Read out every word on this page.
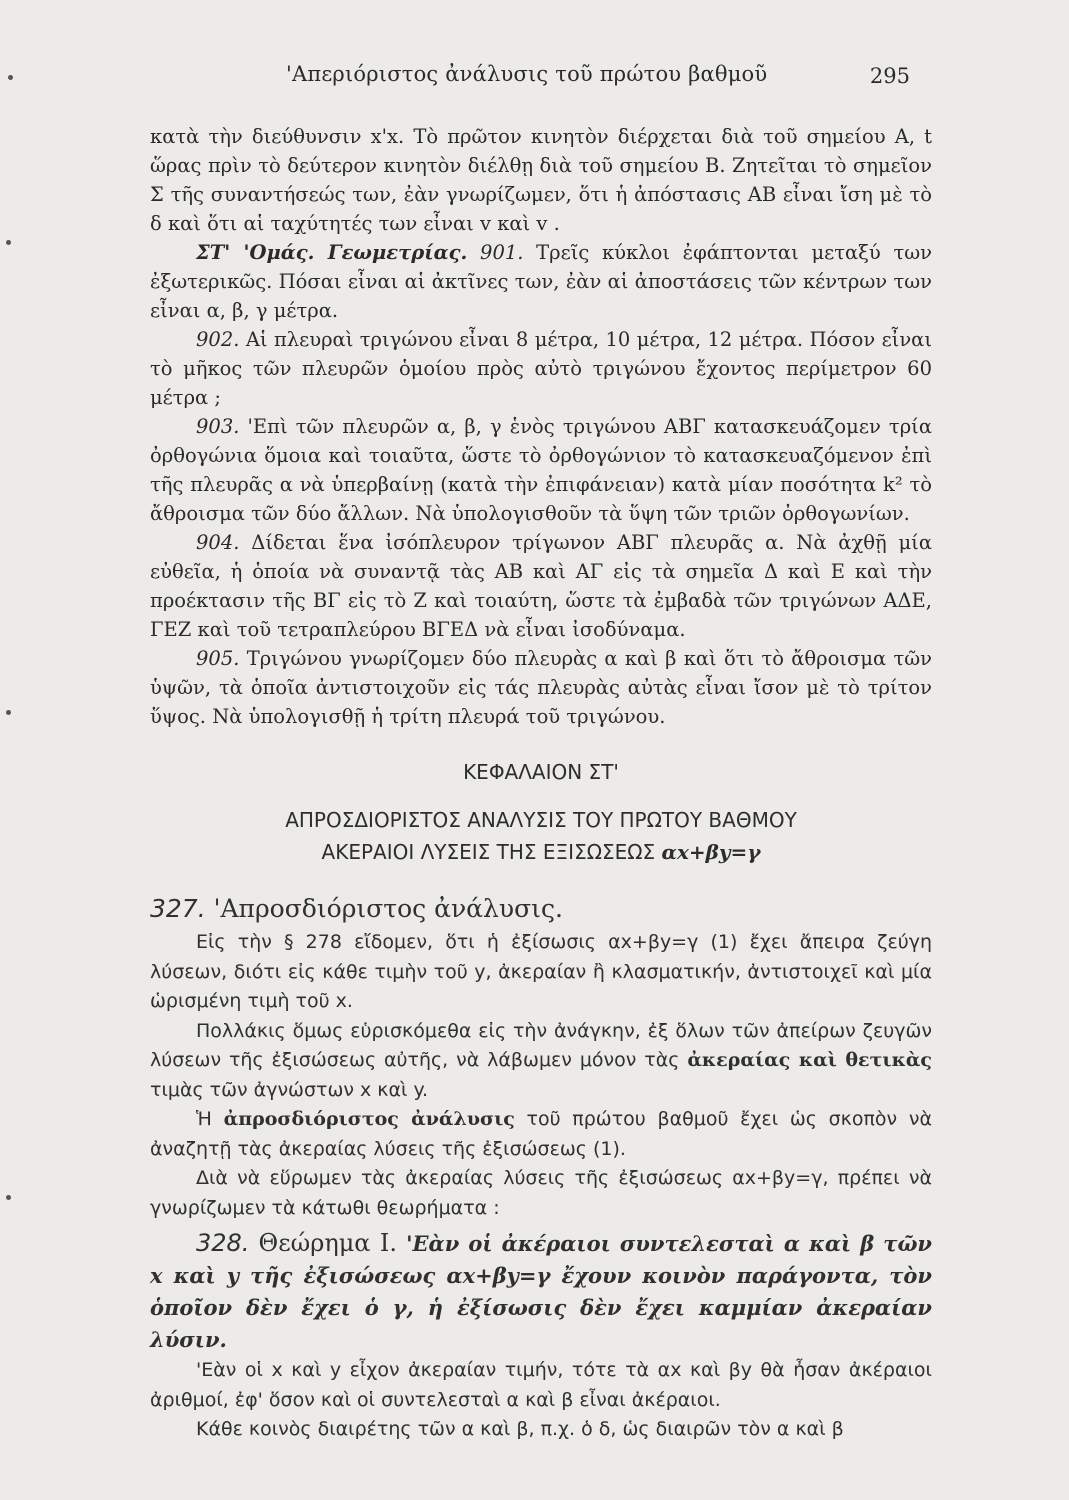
'Απεριόριστος ἀνάλυσις τοῦ πρώτου βαθμοῦ	295

κατὰ τὴν διεύθυνσιν x'x. Τὸ πρῶτον κινητὸν διέρχεται διὰ τοῦ σημείου Α, t ὥρας πρὶν τὸ δεύτερον κινητὸν διέλθῃ διὰ τοῦ σημείου Β. Ζητεῖται τὸ σημεῖον Σ τῆς συναντήσεώς των, ἐὰν γνωρίζωμεν, ὅτι ἡ ἀπόστασις ΑΒ εἶναι ἴση μὲ τὸ δ καὶ ὅτι αἱ ταχύτητές των εἶναι v καὶ v .

ΣΤ' 'Ομάς. Γεωμετρίας. 901. Τρεῖς κύκλοι ἐφάπτονται μεταξύ των ἐξωτερικῶς. Πόσαι εἶναι αἱ ἀκτῖνες των, ἐὰν αἱ ἀποστάσεις τῶν κέντρων των εἶναι α, β, γ μέτρα.

902. Αἱ πλευραὶ τριγώνου εἶναι 8 μέτρα, 10 μέτρα, 12 μέτρα. Πόσον εἶναι τὸ μῆκος τῶν πλευρῶν ὁμοίου πρὸς αὐτὸ τριγώνου ἔχοντος περίμετρον 60 μέτρα ;

903. 'Επὶ τῶν πλευρῶν α, β, γ ἑνὸς τριγώνου ΑΒΓ κατασκευάζομεν τρία ὀρθογώνια ὅμοια καὶ τοιαῦτα, ὥστε τὸ ὀρθογώνιον τὸ κατασκευαζόμενον ἐπὶ τῆς πλευρᾶς α νὰ ὑπερβαίνῃ (κατὰ τὴν ἐπιφάνειαν) κατὰ μίαν ποσότητα k² τὸ ἄθροισμα τῶν δύο ἄλλων. Νὰ ὑπολογισθοῦν τὰ ὕψη τῶν τριῶν ὀρθογωνίων.

904. Δίδεται ἕνα ἰσόπλευρον τρίγωνον ΑΒΓ πλευρᾶς α. Νὰ ἀχθῇ μία εὐθεῖα, ἡ ὁποία νὰ συναντᾷ τὰς ΑΒ καὶ ΑΓ εἰς τὰ σημεῖα Δ καὶ Ε καὶ τὴν προέκτασιν τῆς ΒΓ εἰς τὸ Ζ καὶ τοιαύτη, ὥστε τὰ ἐμβαδὰ τῶν τριγώνων ΑΔΕ, ΓΕΖ καὶ τοῦ τετραπλεύρου ΒΓΕΔ νὰ εἶναι ἰσοδύναμα.

905. Τριγώνου γνωρίζομεν δύο πλευρὰς α καὶ β καὶ ὅτι τὸ ἄθροισμα τῶν ὑψῶν, τὰ ὁποῖα ἀντιστοιχοῦν εἰς τάς πλευρὰς αὐτὰς εἶναι ἴσον μὲ τὸ τρίτον ὕψος. Νὰ ὑπολογισθῇ ἡ τρίτη πλευρά τοῦ τριγώνου.

ΚΕΦΑΛΑΙΟΝ ΣΤ'
ΑΠΡΟΣΔΙΟΡΙΣΤΟΣ ΑΝΑΛΥΣΙΣ ΤΟΥ ΠΡΩΤΟΥ ΒΑΘΜΟΥ
ΑΚΕΡΑΙΟΙ ΛΥΣΕΙΣ ΤΗΣ ΕΞΙΣΩΣΕΩΣ αx+βy=γ

327. 'Απροσδιόριστος ἀνάλυσις.

Εἰς τὴν § 278 εἴδομεν, ὅτι ἡ ἐξίσωσις αx+βy=γ (1) ἔχει ἄπειρα ζεύγη λύσεων, διότι εἰς κάθε τιμὴν τοῦ y, ἀκεραίαν ἢ κλασματικήν, ἀντιστοιχεῖ καὶ μία ὡρισμένη τιμὴ τοῦ x.

Πολλάκις ὅμως εὑρισκόμεθα εἰς τὴν ἀνάγκην, ἐξ ὅλων τῶν ἀπείρων ζευγῶν λύσεων τῆς ἐξισώσεως αὐτῆς, νὰ λάβωμεν μόνον τὰς ἀκεραίας καὶ θετικὰς τιμὰς τῶν ἀγνώστων x καὶ y.

Ἡ ἀπροσδιόριστος ἀνάλυσις τοῦ πρώτου βαθμοῦ ἔχει ὡς σκοπὸν νὰ ἀναζητῇ τὰς ἀκεραίας λύσεις τῆς ἐξισώσεως (1).

Διὰ νὰ εὕρωμεν τὰς ἀκεραίας λύσεις τῆς ἐξισώσεως αx+βy=γ, πρέπει νὰ γνωρίζωμεν τὰ κάτωθι θεωρήματα :

328. Θεώρημα Ι. 'Εὰν οἱ ἀκέραιοι συντελεσταὶ α καὶ β τῶν x καὶ y τῆς ἐξισώσεως αx+βy=γ ἔχουν κοινὸν παράγοντα, τὸν ὁποῖον δὲν ἔχει ὁ γ, ἡ ἐξίσωσις δὲν ἔχει καμμίαν ἀκεραίαν λύσιν.

'Εὰν οἱ x καὶ y εἶχον ἀκεραίαν τιμήν, τότε τὰ αx καὶ βy θὰ ἦσαν ἀκέραιοι ἀριθμοί, ἐφ' ὅσον καὶ οἱ συντελεσταὶ α καὶ β εἶναι ἀκέραιοι.

Κάθε κοινὸς διαιρέτης τῶν α καὶ β, π.χ. ὁ δ, ὡς διαιρῶν τὸν α καὶ β
